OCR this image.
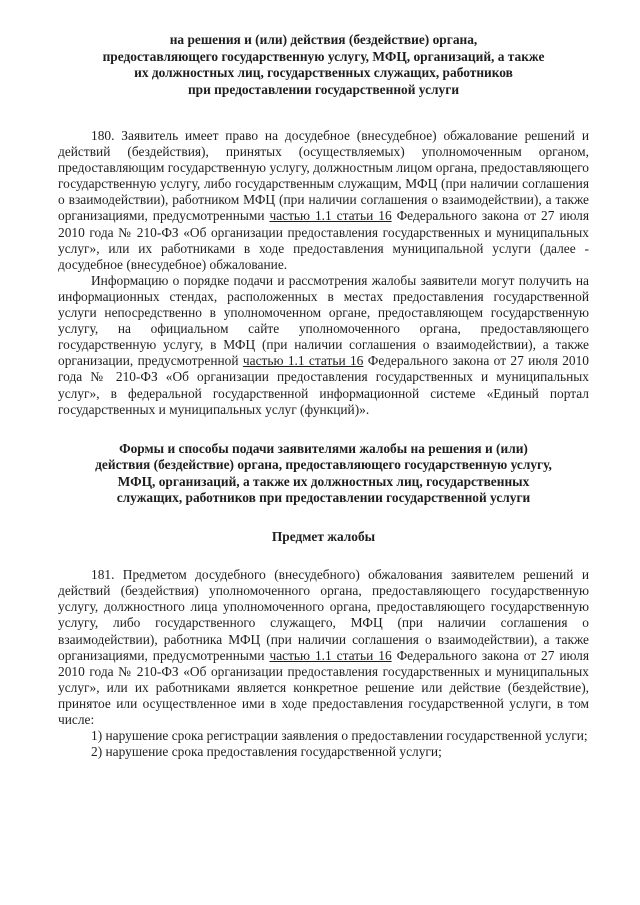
на решения и (или) действия (бездействие) органа,
предоставляющего государственную услугу, МФЦ, организаций, а также
их должностных лиц, государственных служащих, работников
при предоставлении государственной услуги

180. Заявитель имеет право на досудебное (внесудебное) обжалование решений и действий (бездействия), принятых (осуществляемых) уполномоченным органом, предоставляющим государственную услугу, должностным лицом органа, предоставляющего государственную услугу, либо государственным служащим, МФЦ (при наличии соглашения о взаимодействии), работником МФЦ (при наличии соглашения о взаимодействии), а также организациями, предусмотренными частью 1.1 статьи 16 Федерального закона от 27 июля 2010 года № 210-ФЗ «Об организации предоставления государственных и муниципальных услуг», или их работниками в ходе предоставления муниципальной услуги (далее - досудебное (внесудебное) обжалование.

Информацию о порядке подачи и рассмотрения жалобы заявители могут получить на информационных стендах, расположенных в местах предоставления государственной услуги непосредственно в уполномоченном органе, предоставляющем государственную услугу, на официальном сайте уполномоченного органа, предоставляющего государственную услугу, в МФЦ (при наличии соглашения о взаимодействии), а также организации, предусмотренной частью 1.1 статьи 16 Федерального закона от 27 июля 2010 года № 210-ФЗ «Об организации предоставления государственных и муниципальных услуг», в федеральной государственной информационной системе «Единый портал государственных и муниципальных услуг (функций)».

Формы и способы подачи заявителями жалобы на решения и (или)
действия (бездействие) органа, предоставляющего государственную услугу,
МФЦ, организаций, а также их должностных лиц, государственных
служащих, работников при предоставлении государственной услуги
Предмет жалобы

181. Предметом досудебного (внесудебного) обжалования заявителем решений и действий (бездействия) уполномоченного органа, предоставляющего государственную услугу, должностного лица уполномоченного органа, предоставляющего государственную услугу, либо государственного служащего, МФЦ (при наличии соглашения о взаимодействии), работника МФЦ (при наличии соглашения о взаимодействии), а также организациями, предусмотренными частью 1.1 статьи 16 Федерального закона от 27 июля 2010 года № 210-ФЗ «Об организации предоставления государственных и муниципальных услуг», или их работниками является конкретное решение или действие (бездействие), принятое или осуществленное ими в ходе предоставления государственной услуги, в том числе:

1) нарушение срока регистрации заявления о предоставлении государственной услуги;

2) нарушение срока предоставления государственной услуги;
